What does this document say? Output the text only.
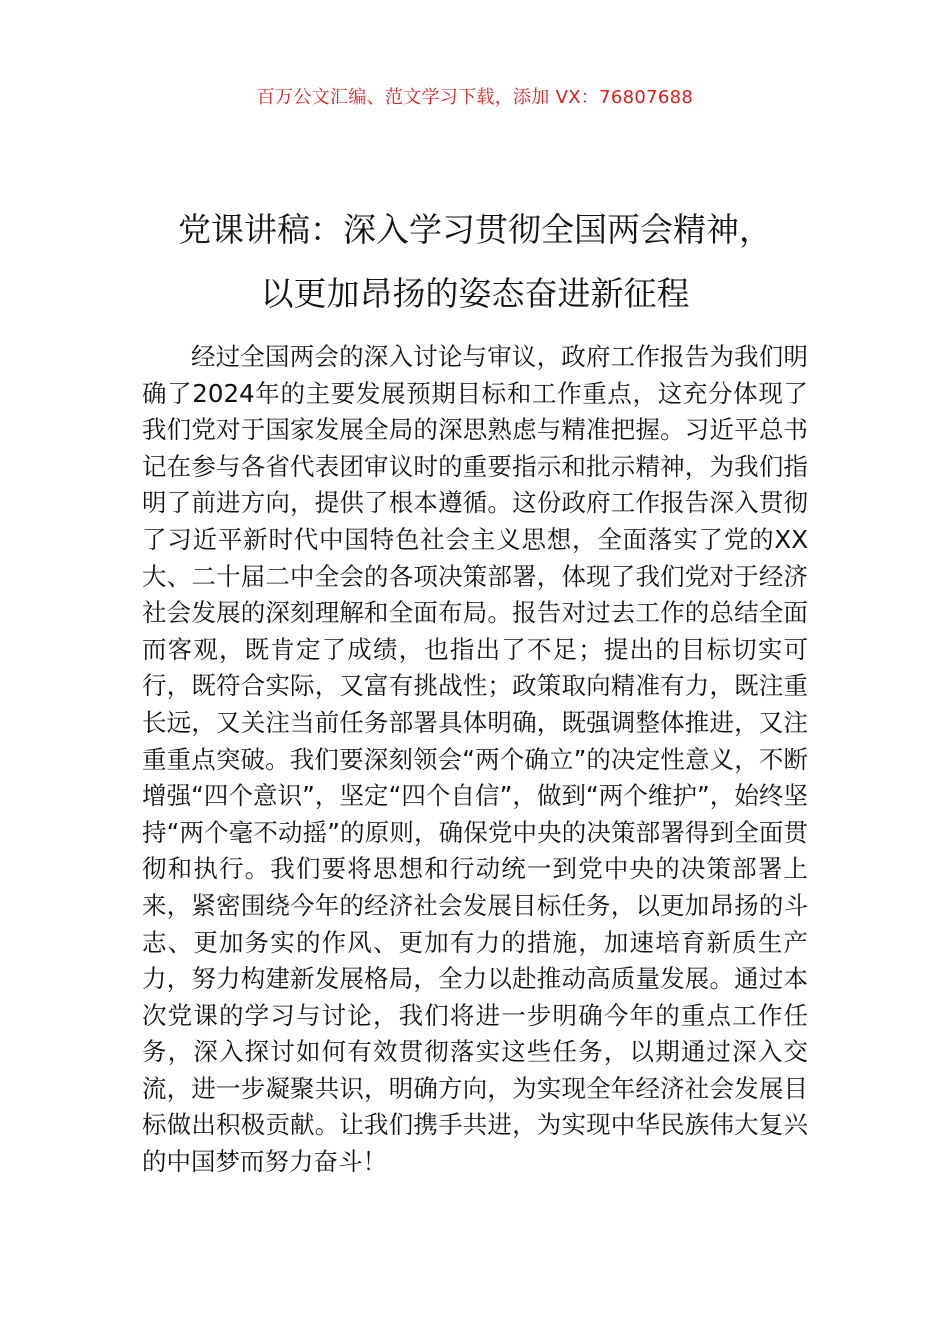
百万公文汇编、范文学习下载，添加 VX：76807688
党课讲稿：深入学习贯彻全国两会精神，
以更加昂扬的姿态奋进新征程

经过全国两会的深入讨论与审议，政府工作报告为我们明确了2024年的主要发展预期目标和工作重点，这充分体现了我们党对于国家发展全局的深思熟虑与精准把握。习近平总书记在参与各省代表团审议时的重要指示和批示精神，为我们指明了前进方向，提供了根本遵循。这份政府工作报告深入贯彻了习近平新时代中国特色社会主义思想，全面落实了党的XX大、二十届二中全会的各项决策部署，体现了我们党对于经济社会发展的深刻理解和全面布局。报告对过去工作的总结全面而客观，既肯定了成绩，也指出了不足；提出的目标切实可行，既符合实际，又富有挑战性；政策取向精准有力，既注重长远，又关注当前任务部署具体明确，既强调整体推进，又注重重点突破。我们要深刻领会“两个确立”的决定性意义，不断增强“四个意识”，坚定“四个自信”，做到“两个维护”，始终坚持“两个毫不动摇”的原则，确保党中央的决策部署得到全面贯彻和执行。我们要将思想和行动统一到党中央的决策部署上来，紧密围绕今年的经济社会发展目标任务，以更加昂扬的斗志、更加务实的作风、更加有力的措施，加速培育新质生产力，努力构建新发展格局，全力以赴推动高质量发展。通过本次党课的学习与讨论，我们将进一步明确今年的重点工作任务，深入探讨如何有效贯彻落实这些任务，以期通过深入交流，进一步凝聚共识，明确方向，为实现全年经济社会发展目标做出积极贡献。让我们携手共进，为实现中华民族伟大复兴的中国梦而努力奋斗！
